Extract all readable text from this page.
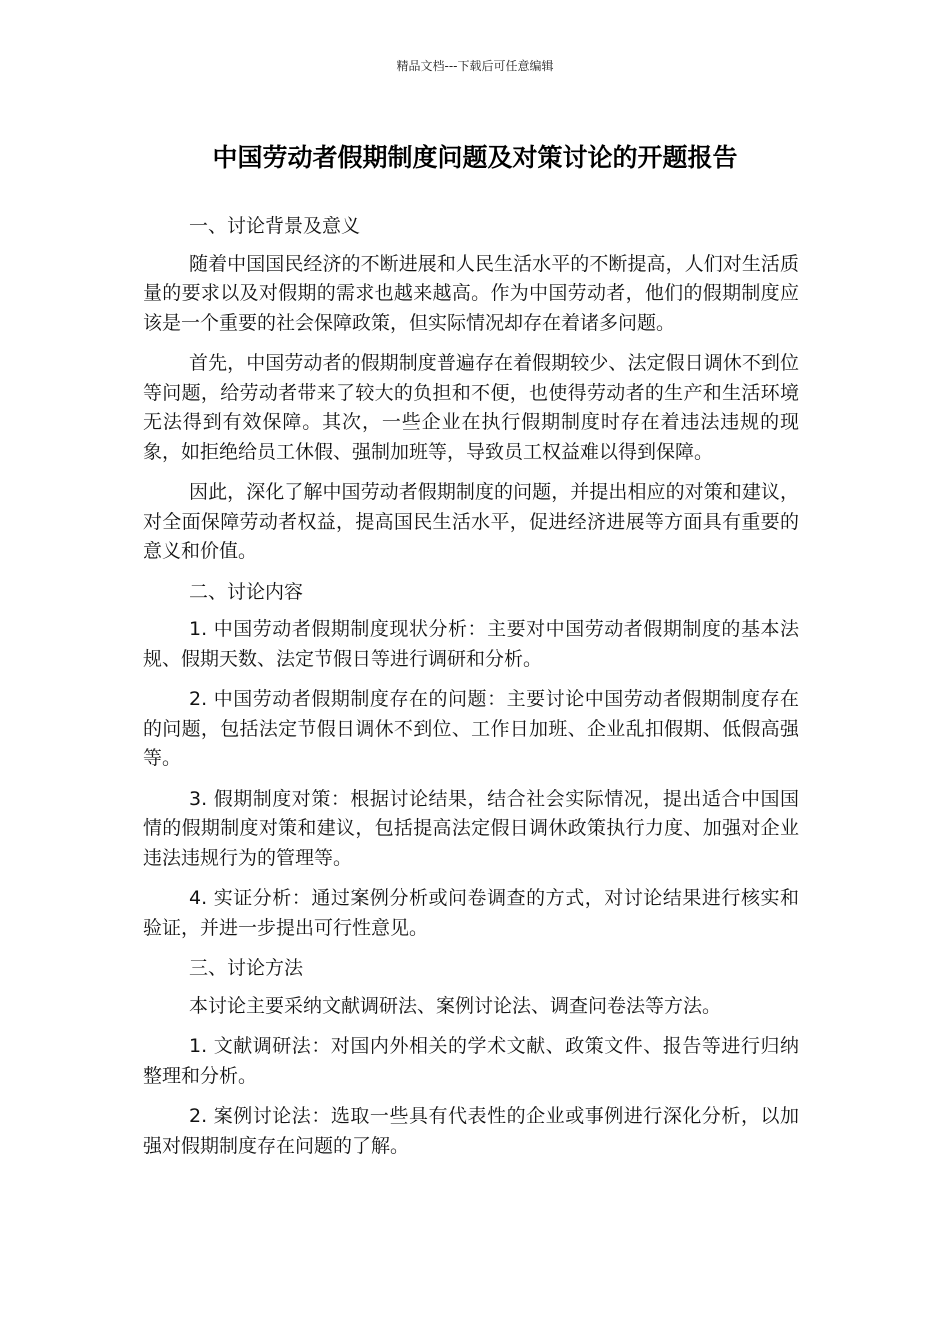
精品文档---下载后可任意编辑
中国劳动者假期制度问题及对策讨论的开题报告

一、讨论背景及意义

随着中国国民经济的不断进展和人民生活水平的不断提高，人们对生活质量的要求以及对假期的需求也越来越高。作为中国劳动者，他们的假期制度应该是一个重要的社会保障政策，但实际情况却存在着诸多问题。

首先，中国劳动者的假期制度普遍存在着假期较少、法定假日调休不到位等问题，给劳动者带来了较大的负担和不便，也使得劳动者的生产和生活环境无法得到有效保障。其次，一些企业在执行假期制度时存在着违法违规的现象，如拒绝给员工休假、强制加班等，导致员工权益难以得到保障。

因此，深化了解中国劳动者假期制度的问题，并提出相应的对策和建议，对全面保障劳动者权益，提高国民生活水平，促进经济进展等方面具有重要的意义和价值。

二、讨论内容

1. 中国劳动者假期制度现状分析：主要对中国劳动者假期制度的基本法规、假期天数、法定节假日等进行调研和分析。

2. 中国劳动者假期制度存在的问题：主要讨论中国劳动者假期制度存在的问题，包括法定节假日调休不到位、工作日加班、企业乱扣假期、低假高强等。

3. 假期制度对策：根据讨论结果，结合社会实际情况，提出适合中国国情的假期制度对策和建议，包括提高法定假日调休政策执行力度、加强对企业违法违规行为的管理等。

4. 实证分析：通过案例分析或问卷调查的方式，对讨论结果进行核实和验证，并进一步提出可行性意见。

三、讨论方法

本讨论主要采纳文献调研法、案例讨论法、调查问卷法等方法。

1. 文献调研法：对国内外相关的学术文献、政策文件、报告等进行归纳整理和分析。

2. 案例讨论法：选取一些具有代表性的企业或事例进行深化分析，以加强对假期制度存在问题的了解。
